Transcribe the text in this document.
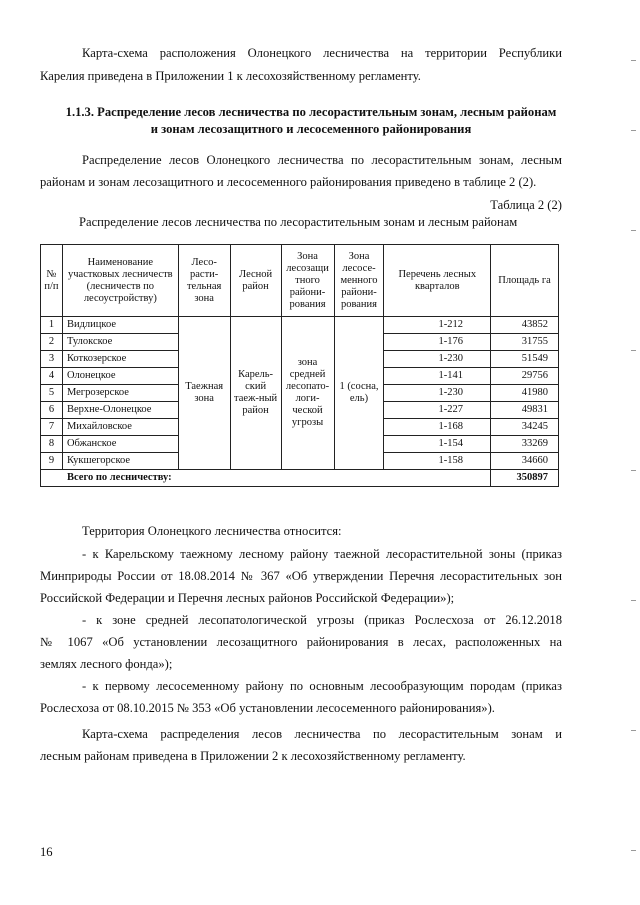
Карта-схема расположения Олонецкого лесничества на территории Республики

Карелия приведена в Приложении 1 к лесохозяйственному регламенту.

1.1.3. Распределение лесов лесничества по лесорастительным зонам, лесным районам

и зонам лесозащитного и лесосеменного районирования

Распределение лесов Олонецкого лесничества по лесорастительным зонам, лесным

районам и зонам лесозащитного и лесосеменного районирования приведено в таблице 2 (2).

Таблица 2 (2)

Распределение лесов лесничества по лесорастительным зонам и лесным районам

№ п/п	Наименование участковых лесничеств (лесничеств по лесоустройству)	Лесо-расти-тельная зона	Лесной район	Зона лесозащи тного райони-рования	Зона лесосе-менного райони-рования	Перечень лесных кварталов	Площадь га
1	Видлицкое	Таежная зона	Карель-ский таеж-ный район	зона средней лесопато-логи-ческой угрозы	1 (сосна, ель)	1-212	43852
2	Тулокское					1-176	31755
3	Коткозерское					1-230	51549
4	Олонецкое					1-141	29756
5	Мегрозерское					1-230	41980
6	Верхне-Олонецкое					1-227	49831
7	Михайловское					1-168	34245
8	Обжанское					1-154	33269
9	Кукшегорское					1-158	34660
Всего по лесничеству:							350897

Территория Олонецкого лесничества относится:

- к Карельскому таежному лесному району таежной лесорастительной зоны (приказ

Минприроды России от 18.08.2014 № 367 «Об утверждении Перечня лесорастительных зон

Российской Федерации и Перечня лесных районов Российской Федерации»);

- к зоне средней лесопатологической угрозы (приказ Рослесхоза от 26.12.2018

№ 1067 «Об установлении лесозащитного районирования в лесах, расположенных на

землях лесного фонда»);

- к первому лесосеменному району по основным лесообразующим породам (приказ

Рослесхоза от 08.10.2015 № 353 «Об установлении лесосеменного районирования»).

Карта-схема распределения лесов лесничества по лесорастительным зонам и

лесным районам приведена в Приложении 2 к лесохозяйственному регламенту.

16
